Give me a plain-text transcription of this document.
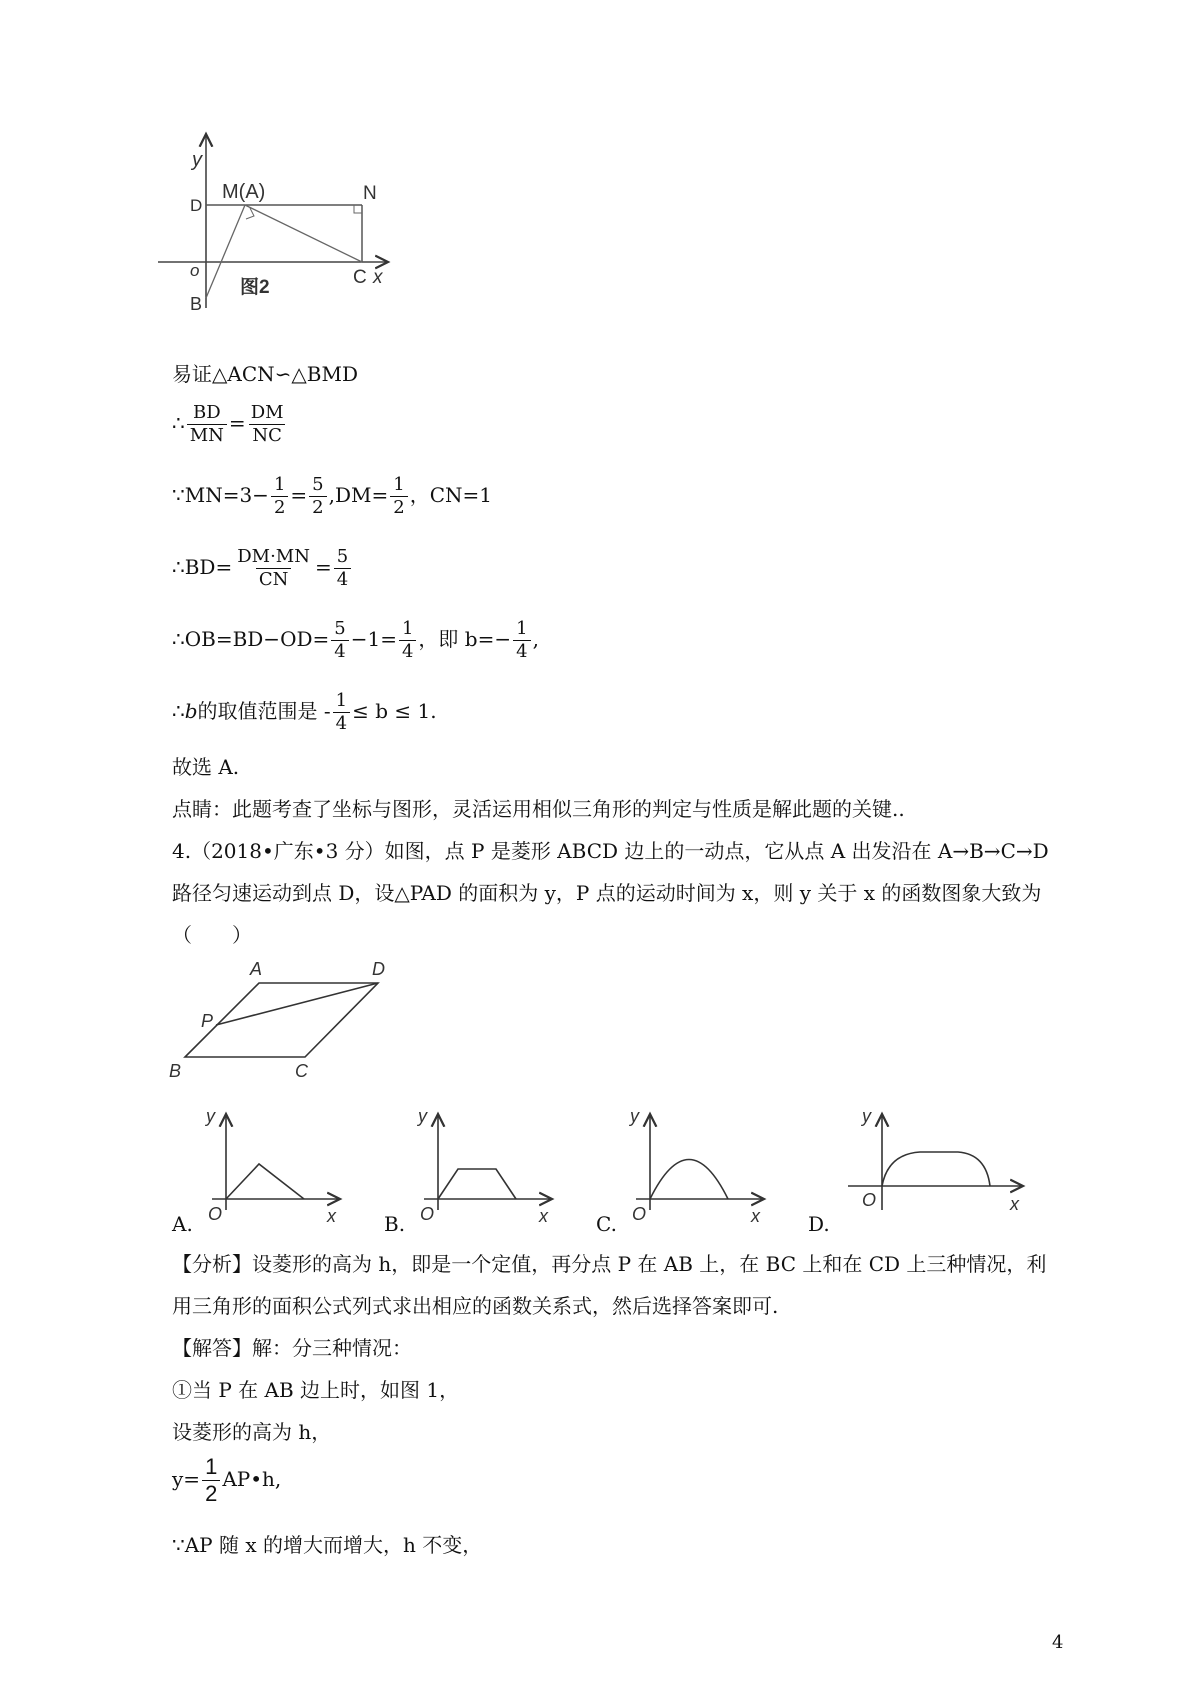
y
D
M(A)	N
o
B
C x
图2
易证△ACN∽△BMD
∴ $\frac{BD}{MN} = \frac{DM}{NC}$
∵MN=3− $\frac{1}{2} = \frac{5}{2} ,DM= \frac{1}{2}$ ，CN=1
∴BD= $\frac{DM\cdot MN}{CN} = \frac{5}{4}$
∴OB=BD−OD= $\frac{5}{4} -1= \frac{1}{4}$ ，即 $b=- \frac{1}{4}$ ,
∴b的取值范围是 - $\frac{1}{4} \le b \le 1$.
故选 A.
点睛：此题考查了坐标与图形，灵活运用相似三角形的判定与性质是解此题的关键..
4.（2018•广东•3 分）如图，点 P 是菱形 ABCD 边上的一动点，它从点 A 出发沿在 A→B→C→D
路径匀速运动到点 D，设△PAD 的面积为 y，P 点的运动时间为 x，则 y 关于 x 的函数图象大致为
（　　）
A	D
P
B	C
A.
y
O	x B.
y
O	x C.
y
O	x D.
y
O	x
【分析】设菱形的高为 h，即是一个定值，再分点 P 在 AB 上，在 BC 上和在 CD 上三种情况，利
用三角形的面积公式列式求出相应的函数关系式，然后选择答案即可.
【解答】解：分三种情况：
①当 P 在 AB 边上时，如图 1，
设菱形的高为 h，
$y= \frac{1}{2}$ AP•h,
∵AP 随 x 的增大而增大，h 不变，
4
